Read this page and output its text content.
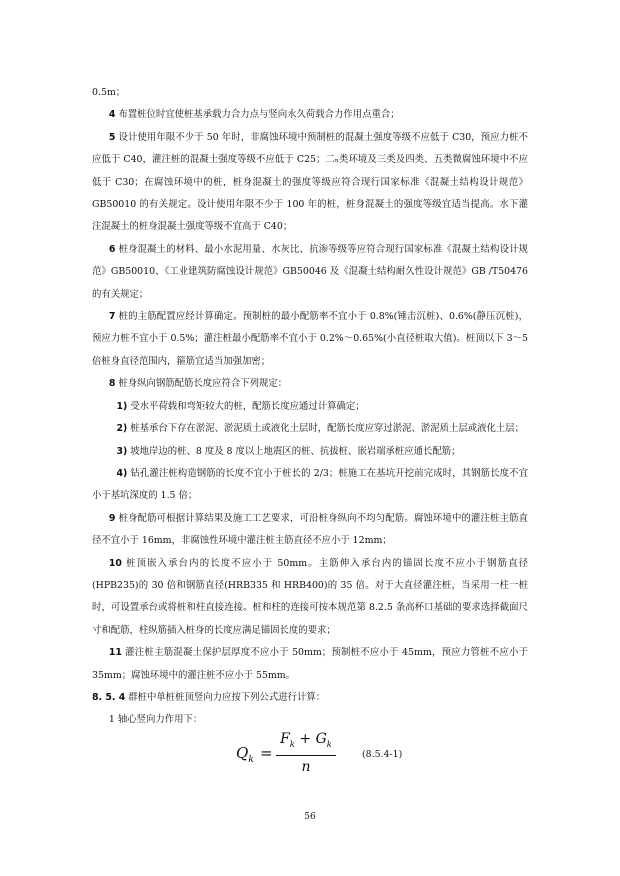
0.5m；

4 布置桩位时宜使桩基承载力合力点与竖向永久荷载合力作用点重合；

5 设计使用年限不少于 50 年时，非腐蚀环境中预制桩的混凝土强度等级不应低于 C30，预应力桩不应低于 C40，灌注桩的混凝土强度等级不应低于 C25；二ₙ类环境及三类及四类、五类微腐蚀环境中不应低于 C30；在腐蚀环境中的桩，桩身混凝土的强度等级应符合现行国家标准《混凝土结构设计规范》GB50010 的有关规定。设计使用年限不少于 100 年的桩，桩身混凝土的强度等级宜适当提高。水下灌注混凝土的桩身混凝土强度等级不宜高于 C40；

6 桩身混凝土的材料、最小水泥用量、水灰比、抗渗等级等应符合现行国家标准《混凝土结构设计规范》GB50010、《工业建筑防腐蚀设计规范》GB50046 及《混凝土结构耐久性设计规范》GB /T50476 的有关规定；

7 桩的主筋配置应经计算确定。预制桩的最小配筋率不宜小于 0.8%(锤击沉桩)、0.6%(静压沉桩)，预应力桩不宜小于 0.5%；灌注桩最小配筋率不宜小于 0.2%～0.65%(小直径桩取大值)。桩顶以下 3～5 倍桩身直径范围内，箍筋宜适当加强加密；

8 桩身纵向钢筋配筋长度应符合下列规定：

1) 受水平荷载和弯矩较大的桩，配筋长度应通过计算确定；

2) 桩基承台下存在淤泥、淤泥质土或液化土层时，配筋长度应穿过淤泥、淤泥质土层或液化土层；

3) 坡地岸边的桩、8 度及 8 度以上地震区的桩、抗拔桩、嵌岩端承桩应通长配筋；

4) 钻孔灌注桩构造钢筋的长度不宜小于桩长的 2/3；桩施工在基坑开挖前完成时，其钢筋长度不宜小于基坑深度的 1.5 倍；

9 桩身配筋可根据计算结果及施工工艺要求，可沿桩身纵向不均匀配筋。腐蚀环境中的灌注桩主筋直径不宜小于 16mm，非腐蚀性环境中灌注桩主筋直径不应小于 12mm；

10 桩顶嵌入承台内的长度不应小于 50mm。主筋伸入承台内的锚固长度不应小于钢筋直径(HPB235)的 30 倍和钢筋直径(HRB335 和 HRB400)的 35 倍。对于大直径灌注桩，当采用一柱一桩时，可设置承台或将桩和柱直接连接。桩和柱的连接可按本规范第 8.2.5 条高杯口基础的要求选择截面尺寸和配筋，柱纵筋插入桩身的长度应满足锚固长度的要求；

11 灌注桩主筋混凝土保护层厚度不应小于 50mm；预制桩不应小于 45mm，预应力管桩不应小于 35mm；腐蚀环境中的灌注桩不应小于 55mm。

8. 5. 4 群桩中单桩桩顶竖向力应按下列公式进行计算：

1 轴心竖向力作用下：

$Q_k$ =
$F_k + G_k$
n
(8.5.4-1)
56
